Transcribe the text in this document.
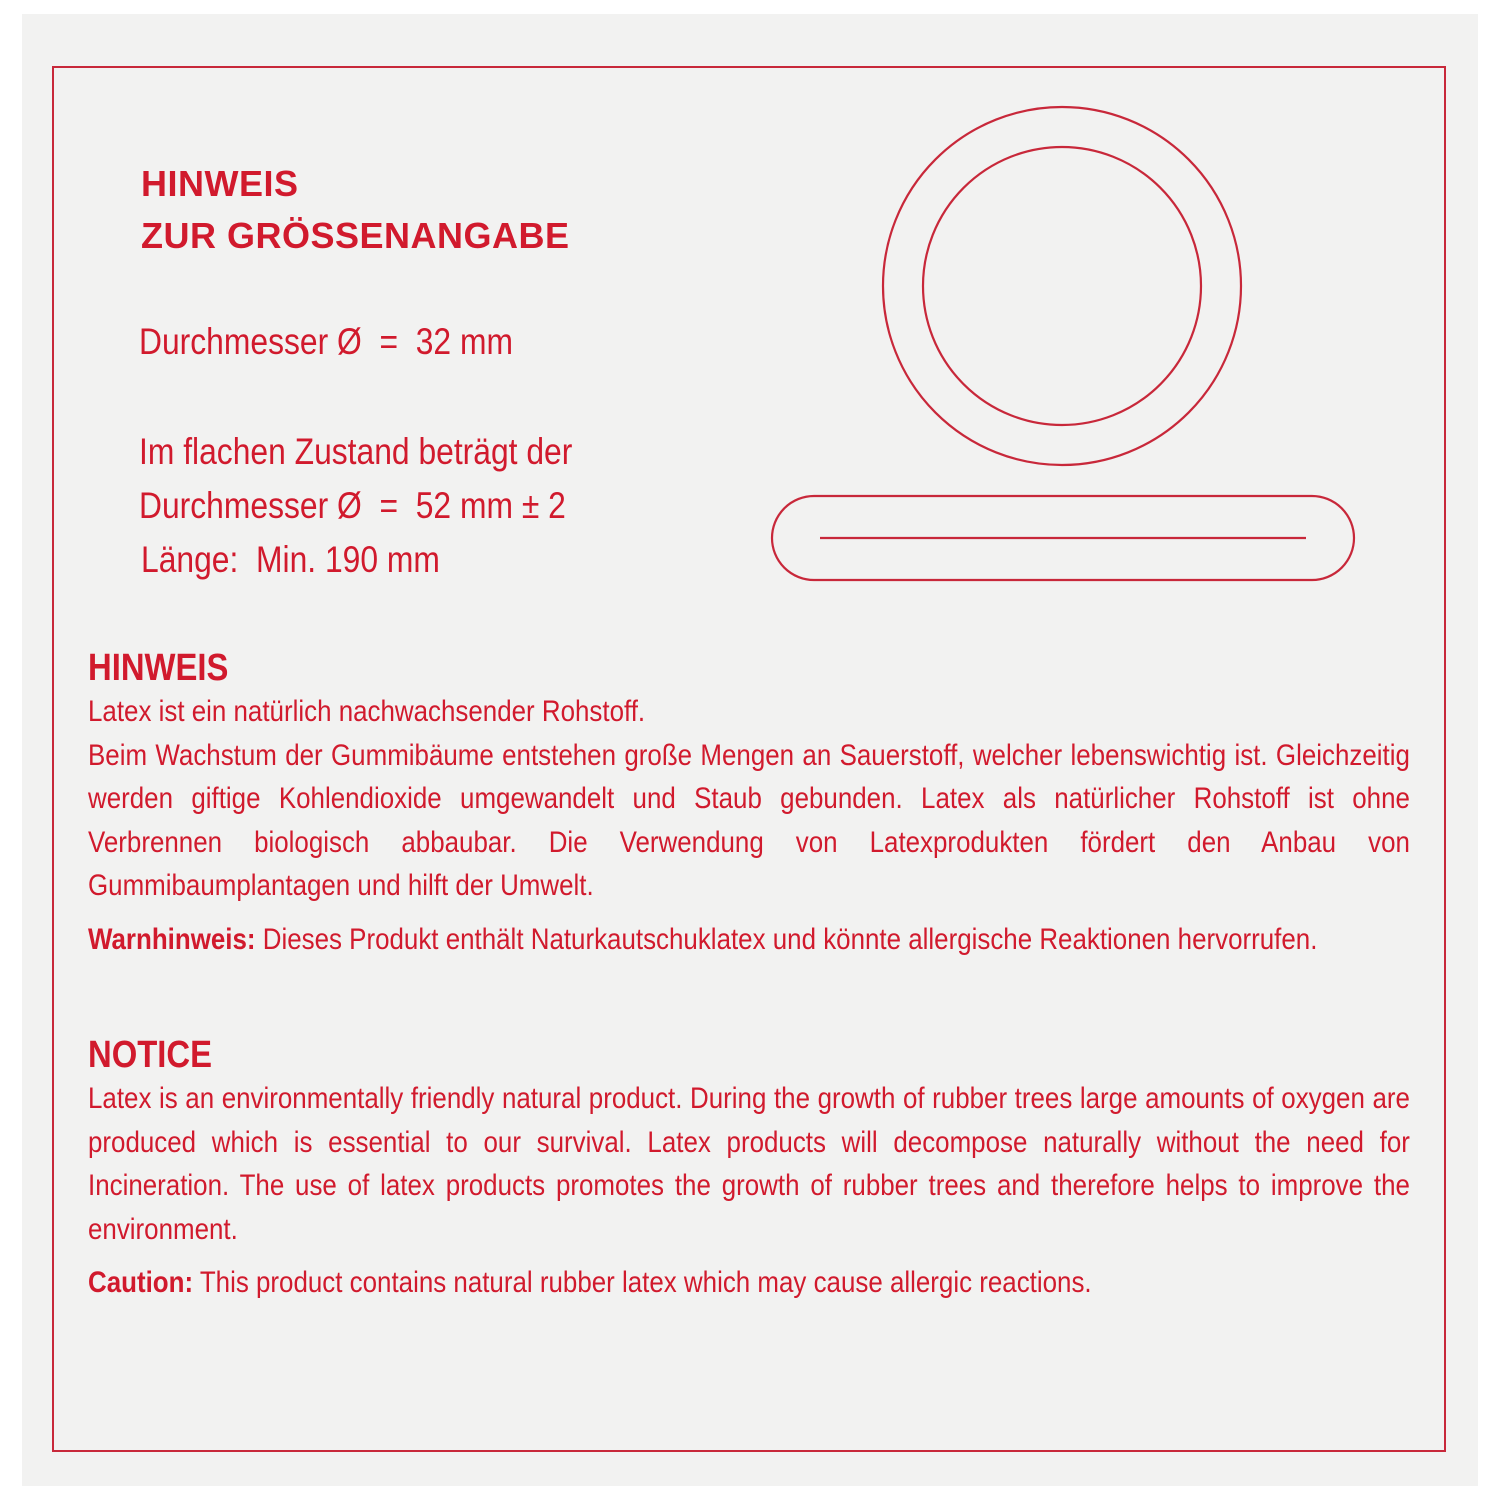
HINWEIS
ZUR GRÖSSENANGABE
Durchmesser Ø  =  32 mm
Im flachen Zustand beträgt der
Durchmesser Ø  =  52 mm ± 2
Länge:  Min. 190 mm
HINWEIS

Latex ist ein natürlich nachwachsender Rohstoff.

Beim Wachstum der Gummibäume entstehen große Mengen an Sauerstoff, welcher lebenswichtig ist. Gleichzeitig werden giftige Kohlendioxide umgewandelt und Staub gebunden. Latex als natürlicher Rohstoff ist ohne Verbrennen biologisch abbaubar. Die Verwendung von Latexprodukten fördert den Anbau von Gummibaumplantagen und hilft der Umwelt.

Warnhinweis: Dieses Produkt enthält Naturkautschuklatex und könnte allergische Reaktionen hervorrufen.
NOTICE

Latex is an environmentally friendly natural product. During the growth of rubber trees large amounts of oxygen are produced which is essential to our survival. Latex products will decompose naturally without the need for Incineration. The use of latex products promotes the growth of rubber trees and therefore helps to improve the environment.

Caution: This product contains natural rubber latex which may cause allergic reactions.
